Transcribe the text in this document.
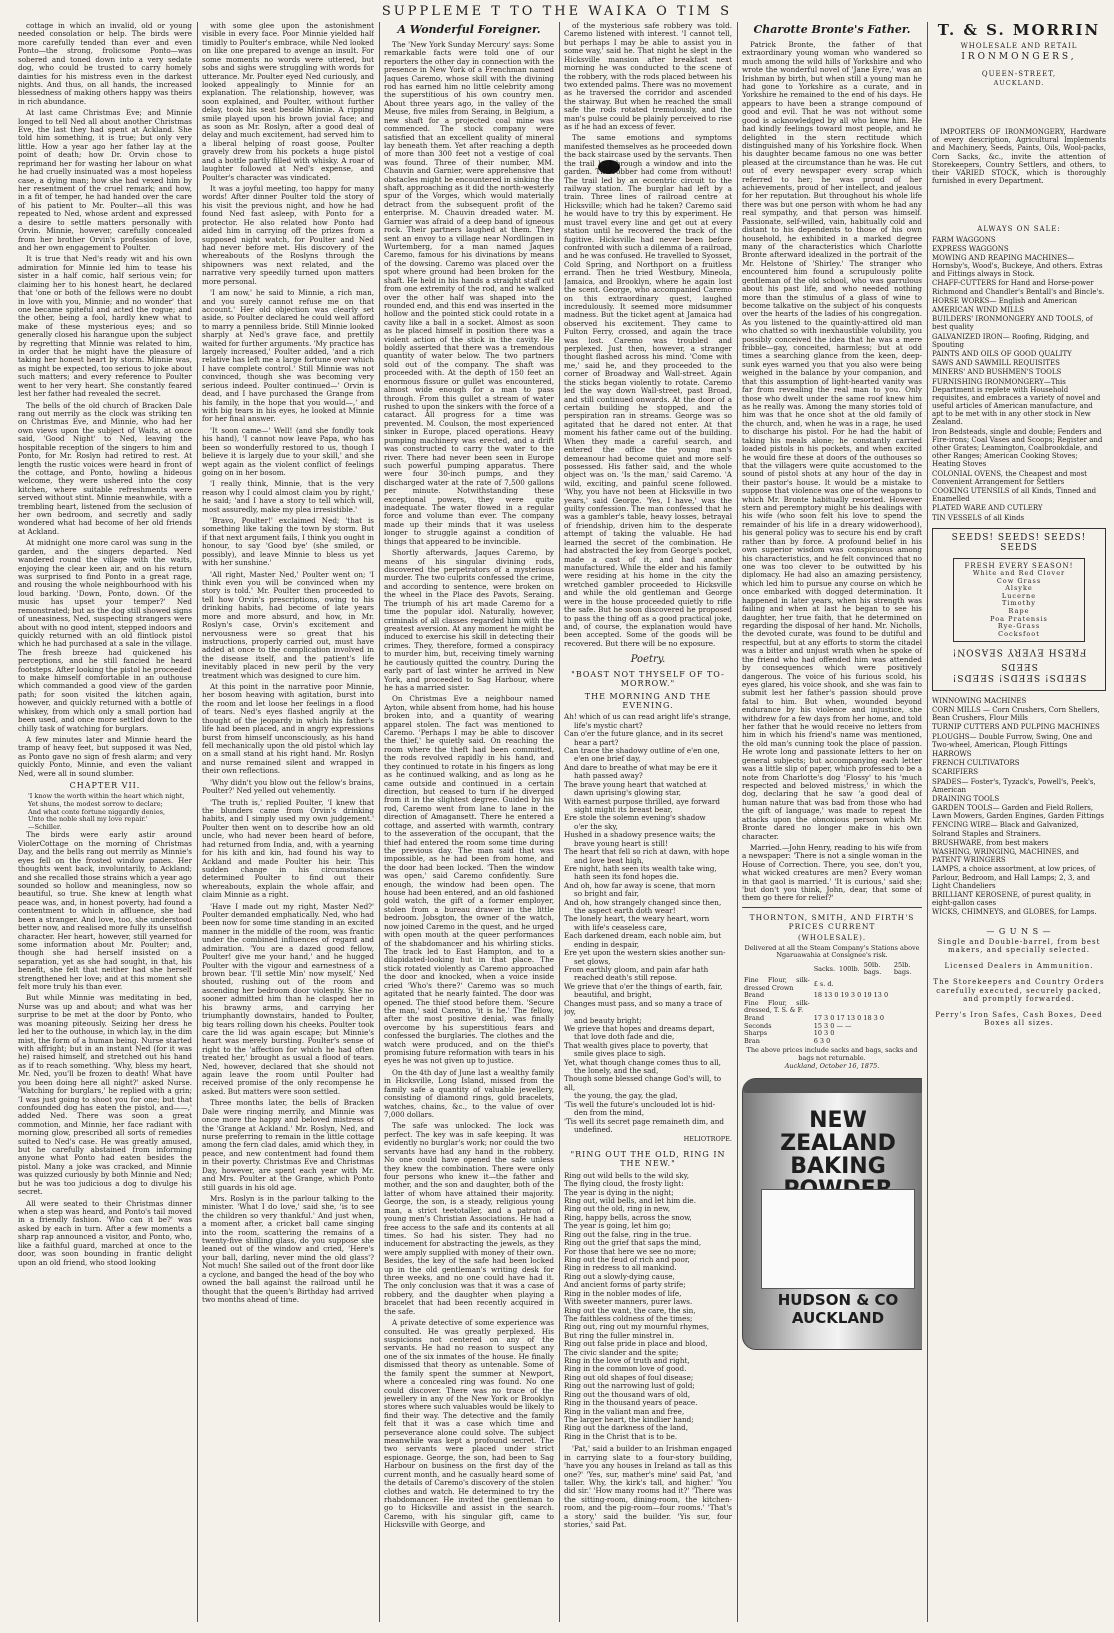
SUPPLEME T TO THE WAIKA O TIM S

cottage in which an invalid, old or young needed consolation or help. The birds were more carefully tended than ever and even Ponto—the strong, frolicsome Ponto—was sobered and toned down into a very sedate dog, who could be trusted to carry homely dainties for his mistress even in the darkest nights. And thus, on all hands, the increased blessedness of making others happy was theirs in rich abundance.

At last came Christmas Eve; and Minnie longed to tell Ned all about another Christmas Eve, the last they had spent at Ackland. She told him something, it is true; but only very little. How a year ago her father lay at the point of death; how Dr. Orvin chose to reprimand her for wasting her labour on what he had cruelly insinuated was a most hopeless case, a dying man; how she had vexed him by her resentment of the cruel remark; and how, in a fit of temper, he had handed over the care of his patient to Mr. Poulter—all this was repeated to Ned, whose ardent and expressed a desire to settle matters personally with Orvin. Minnie, however, carefully concealed from her brother Orvin's profession of love, and her own engagement to Poulter.

It is true that Ned's ready wit and his own admiration for Minnie led him to tease his sister in a half comic, half serious vein; for claiming her to his honest heart, he declared that 'one or both of the fellows were no doubt in love with you, Minnie; and no wonder' that one became spiteful and acted the rogue; and the other, being a fool, hardly knew what to make of these mysterious eyes; and so generally closed his harangue upon the subject by regretting that Minnie was related to him, in order that he might have the pleasure of taking her honest heart by storm. Minnie was, as might be expected, too serious to joke about such matters; and every reference to Poulter went to her very heart. She constantly feared lest her father had revealed the secret.

The bells of the old church of Bracken Dale rang out merrily as the clock was striking ten on Christmas Eve, and Minnie, who had her own views upon the subject of Waits, at once said, 'Good Night' to Ned, leaving the hospitable reception of the singers to him and Ponto, for Mr. Roslyn had retired to rest. At length the rustic voices were heard in front of the cottage, and Ponto, howling a hideous welcome, they were ushered into the cosy kitchen, where suitable refreshments were served without stint. Minnie meanwhile, with a trembling heart, listened from the seclusion of her own bedroom, and secretly and sadly wondered what had become of her old friends at Ackland.

At midnight one more carol was sung in the garden, and the singers departed. Ned wandered round the village with the waits, enjoying the clear keen air, and on his return was surprised to find Ponto in a great rage, and rousing the whole neighbourhood with his loud barking. 'Down, Ponto, down. Of the music has upset your temper?' Ned remonstrated; but as the dog still showed signs of uneasiness, Ned, suspecting strangers were about with no good intent, stepped indoors and quickly returned with an old flintlock pistol which he had purchased at a sale in the village. The fresh breeze had quickened his perceptions, and he still fancied he heard footsteps. After looking the pistol he proceeded to make himself comfortable in an outhouse which commanded a good view of the garden path; for soon visited the kitchen again, however, and quickly returned with a bottle of whiskey, from which only a small portion had been used, and once more settled down to the chilly task of watching for burglars.

A few minutes later and Minnie heard the tramp of heavy feet, but supposed it was Ned, as Ponto gave no sign of fresh alarm; and very quickly Ponto, Minnie, and even the valiant Ned, were all in sound slumber.

CHAPTER VII.
'I know the worth within the heart which night,
Yet shuns, the modest sorrow to declare;
And what conte fortune niggardly denies,
Unto the noble shall my love repair.'
—Schiller.

The birds were early astir around ViolerCottage on the morning of Christmas Day, and the bells rang out merrily as Minnie's eyes fell on the frosted window panes. Her thoughts went back, involuntarily, to Ackland; and she recalled those strains which a year ago sounded so hollow and meaningless, now so beautiful, so true. She knew at length what peace was, and, in honest poverty, had found a contentment to which in affluence, she had been a stranger. And love, too, she understood better now, and realised more fully its unselfish character. Her heart, however, still yearned for some information about Mr. Poulter; and, though she had herself insisted on a separation, yet as she had sought, in that, his benefit, she felt that neither had she herself strengthened her love; and at this moment she felt more truly his than ever.

But while Minnie was meditating in bed, Nurse was up and about; and what was her surprise to be met at the door by Ponto, who was moaning piteously. Seizing her dress he led her to the outhouse, in which lay, in the dim mist, the form of a human being. Nurse started with affright; but in an instant Ned (for it was he) raised himself, and stretched out his hand as if to reach something. 'Why, bless my heart, Mr. Ned, you'll be frozen to death! What have you been doing here all night?' asked Nurse. 'Watching for burglars,' he replied with a grin; 'I was just going to shoot you for one; but that confounded dog has eaten the pistol, and——,' added Ned. There was soon a great commotion, and Minnie, her face radiant with morning glow, prescribed all sorts of remedies suited to Ned's case. He was greatly amused, but he carefully abstained from informing anyone what Ponto had eaten besides the pistol. Many a joke was cracked, and Minnie was quizzed curiously by both Minnie and Ned; but he was too judicious a dog to divulge his secret.

All were seated to their Christmas dinner when a step was heard, and Ponto's tail moved in a friendly fashion. 'Who can it be?' was asked by each in turn. After a few moments a sharp rap announced a visitor, and Ponto, who, like a faithful guard, marched at once to the door, was soon bounding in frantic delight upon an old friend, who stood looking

with some glee upon the astonishment visible in every face. Poor Minnie yielded half timidly to Poulter's embrace, while Ned looked on like one prepared to avenge an insult. For some moments no words were uttered, but sobs and sighs were struggling with words for utterance. Mr. Poulter eyed Ned curiously, and looked appealingly to Minnie for an explanation. The relationship, however, was soon explained, and Poulter, without further delay, took his seat beside Minnie. A ripping smile played upon his brown jovial face; and as soon as Mr. Roslyn, after a good deal of delay and much excitement, had served him to a liberal helping of roast goose, Poulter gravely drew from his pockets a huge pistol and a bottle partly filled with whisky. A roar of laughter followed at Ned's expense, and Poulter's character was vindicated.

It was a joyful meeting, too happy for many words! After dinner Poulter told the story of his visit the previous night, and how he had found Ned fast asleep, with Ponto for a protector. He also related how Ponto had aided him in carrying off the prizes from a supposed night watch, for Poulter and Ned had never before met. His discovery of the whereabouts of the Roslyns through the shipowners was next related, and the narrative very speedily turned upon matters more personal.

'I am now,' he said to Minnie, a rich man, and you surely cannot refuse me on that account.' Her old objection was clearly set aside, so Poulter declared he could well afford to marry a penniless bride. Still Minnie looked sharply at Ned's grave face, and prettily waited for further arguments. 'My practice has largely increased,' Poulter added, 'and a rich relative has left me a large fortune over which I have complete control.' Still Minnie was not convinced, though she was becoming very serious indeed. Poulter continued—' Orvin is dead, and I have purchased the Grange from his family, in the hope that you would—,' and with big tears in his eyes, he looked at Minnie for her final answer.

'It soon came—' Well! (and she fondly took his hand), 'I cannot now leave Papa, who has been so wonderfully restored to us, though I believe it is largely due to your skill,' and she wept again as the violent conflict of feelings going on in her bosom.

'I really think, Minnie, that is the very reason why I could almost claim you by right,' he said; 'and I have a story to tell which will, most assuredly, make my plea irresistible.'

'Bravo, Poulter!' exclaimed Ned; 'that is something like taking the town by storm. But if that next argument fails, I think you ought in honour, to say 'Good bye' (she smiled, or possibly), and leave Minnie to bless us yet with her sunshine.'

'All right, Master Ned,' Poulter went on; 'I think even you will be convinced when my story is told.' Mr. Poulter then proceeded to tell how Orvin's prescriptions, owing to his drinking habits, had become of late years more and more absurd, and how, in Mr. Roslyn's case, Orvin's excitement and nervousness were so great that his instructions, properly carried out, must have added at once to the complication involved in the disease itself, and the patient's life inevitably placed in new peril by the very treatment which was designed to cure him.

At this point in the narrative poor Minnie, her bosom heaving with agitation, burst into the room and let loose her feelings in a flood of tears. Ned's eyes flashed angrily at the thought of the jeopardy in which his father's life had been placed, and in angry expressions burst from himself unconsciously, as his hand fell mechanically upon the old pistol which lay on a small stand at his right hand. Mr. Roslyn and nurse remained silent and wrapped in their own reflections.

'Why didn't you blow out the fellow's brains, Poulter?' Ned yelled out vehemently.

'The truth is,' replied Poulter, 'I knew that the blunders came from Orvin's drinking habits, and I simply used my own judgement.' Poulter then went on to describe how an old uncle, who had never been heard of before, had returned from India, and, with a yearning for his kith and kin, had found his way to Ackland and made Poulter his heir. This sudden change in his circumstances determined Poulter to find out their whereabouts, explain the whole affair, and claim Minnie as a right.

'Have I made out my right, Master Ned?' Poulter demanded emphatically. Ned, who had been now for some time standing in an excited manner in the middle of the room, was frantic under the combined influences of regard and admiration. 'You are a dazed good fellow, Poulter! give me your hand,' and he hugged Poulter with the vigour and earnestness of a brown bear. 'I'll settle Min' now myself,' Ned shouted, rushing out of the room and ascending her bedroom door violently. She no sooner admitted him than he clasped her in his brawny arms, and carrying her triumphantly downstairs, handed to Poulter, big tears rolling down his cheeks. Poulter took care the lid was again escape; but Minnie's heart was merely bursting. Poulter's sense of right to the 'affection for which he had often treated her,' brought as usual a flood of tears. Ned, however, declared that she should not again leave the room until Poulter had received promise of the only recompense he asked. But matters were soon settled.

Three months later, the bells of Bracken Dale were ringing merrily, and Minnie was once more the happy and beloved mistress of the 'Grange at Ackland.' Mr. Roslyn, Ned, and nurse preferring to remain in the little cottage among the fern clad dales, amid which they, in peace, and new contentment had found them in their poverty. Christmas Eve and Christmas Day, however, are spent each year with Mr. and Mrs. Poulter at the Grange, which Ponto still guards in his old age.

Mrs. Roslyn is in the parlour talking to the minister. 'What I do love,' said she, 'is to see the children so very thankful.' And just when, a moment after, a cricket ball came singing into the room, scattering the remains of a twenty-five shilling glass, do you suppose she leaned out of the window and cried, 'Here's your ball, darling, never mind the old glass'? Not much! She sailed out of the front door like a cyclone, and banged the head of the boy who owned the ball against the railroad until he thought that the queen's Birthday had arrived two months ahead of time.

A Wonderful Foreigner.

The 'New York Sunday Mercury' says: Some remarkable facts were told one of our reporters the other day in connection with the presence in New York of a Frenchman named Jaques Caremo, whose skill with the divining rod has earned him no little celebrity among the superstitious of his own country men. About three years ago, in the valley of the Meuse, five miles from Seraing, in Belgium, a new shaft for a projected coal mine was commenced. The stock company were satisfied that an excellent quality of mineral lay beneath them. Yet after reaching a depth of more than 300 feet not a vestige of coal was found. Three of their number, MM. Chauvin and Garnier, were apprehensive that obstacles might be encountered in sinking the shaft, approaching as it did the north-westerly spur of the Vorges, which would materially detract from the subsequent profit of the enterprise. M. Chauvin dreaded water. M. Garnier was afraid of a deep band of igneous rock. Their partners laughed at them. They sent an envoy to a village near Nordlingen in Wurtemberg, for a man named Jaques Caremo, famous for his divinations by means of the dowsing. Caremo was placed over the spot where ground had been broken for the shaft. He held in his hands a straight staff cut from one extremity of the rod, and he walked over the other half was shaped into the rounded end, and this end was inserted in the hollow and the pointed stick could rotate in a cavity like a ball in a socket. Almost as soon as he placed himself in position there was a violent action of the stick in the cavity. He boldly asserted that there was a tremendous quantity of water below. The two partners sold out of the company. The shaft was proceeded with. At the depth of 150 feet an enormous fissure or gullet was encountered, almost wide enough for a man to pass through. From this gullet a stream of water rushed to upon the sinkers with the force of a cataract. All progress for a time was prevented. M. Coulson, the most experienced sinker in Europe, placed operations. Heavy pumping machinery was erected, and a drift was constructed to carry the water to the river. There had never been seen in Europe such powerful pumping apparatus. There were four 30-inch pumps, and they discharged water at the rate of 7,500 gallons per minute. Notwithstanding these exceptional powers, they were quite inadequate. The water flowed in a regular force and volume than ever. The company made up their minds that it was useless longer to struggle against a condition of things that appeared to be invincible.

Shortly afterwards, Jaques Caremo, by means of his singular divining rods, discovered the perpetrators of a mysterious murder. The two culprits confessed the crime, and according to sentence, were broken on the wheel in the Place des Pavots, Seraing. The triumph of his art made Caremo for a time the popular idol. Naturally, however, criminals of all classes regarded him with the greatest aversion. At any moment he might be induced to exercise his skill in detecting their crimes. They, therefore, formed a conspiracy to murder him, but, receiving timely warning he cautiously quitted the country. During the early part of last winter he arrived in New York, and proceeded to Sag Harbour, where he has a married sister.

On Christmas Eve a neighbour named Ayton, while absent from home, had his house broken into, and a quantity of wearing apparel stolen. The fact was mentioned to Caremo. 'Perhaps I may be able to discover the thief,' he quietly said. On reaching the room where the theft had been committed, the rods revolved rapidly in his hand, and they continued to rotate in his fingers as long as he continued walking, and as long as he came outside and continued in a certain direction, but ceased to turn if he diverged from it in the slightest degree. Guided by his rod, Caremo went from lane to lane in the direction of Amagansett. There he entered a cottage, and asserted with warmth, contrary to the asseveration of the occupant, that the thief had entered the room some time during the previous day. The man said that was impossible, as he had been from home, and the door had been locked. 'Then the window was open,' said Caremo confidently. Sure enough, the window had been open. The house had been entered, and an old fashioned gold watch, the gift of a former employer, stolen from a bureau drawer in the little bedroom. Jobsgton, the owner of the watch, now joined Caremo in the quest, and he urged with open mouth at the queer performances of the shabdomancer and his whirling sticks. The track led to East Hampton, and to a dilapidated-looking hut in that place. The stick rotated violently as Caremo approached the door and knocked, when a voice inside cried 'Who's there?' Caremo was so much agitated that he nearly fainted. The door was opened. The thief stood before them. 'Secure the man,' said Caremo, 'it is he.' The fellow, after the most positive denial, was finally overcome by his superstitious fears and confessed the burglaries. The clothes and the watch were produced, and on the thief's promising future reformation with tears in his eyes he was not given up to justice.

On the 4th day of June last a wealthy family in Hicksville, Long Island, missed from the family safe a quantity of valuable jewellery, consisting of diamond rings, gold bracelets, watches, chains, &c., to the value of over 7,000 dollars.

The safe was unlocked. The lock was perfect. The key was in safe keeping. It was evidently no burglar's work; nor could the two servants have had any hand in the robbery. No one could have opened the safe unless they knew the combination. There were only four persons who knew it—the father and mother, and the son and daughter, both of the latter of whom have attained their majority. George, the son, is a steady, religious young man, a strict teetotaller, and a patron of young men's Christian Associations. He had a free access to the safe and its contents at all times. So had his sister. They had no inducement for abstracting the jewels, as they were amply supplied with money of their own. Besides, the key of the safe had been locked up in the old gentleman's writing desk for three weeks, and no one could have had it. The only conclusion was that it was a case of robbery, and the daughter when playing a bracelet that had been recently acquired in the safe.

A private detective of some experience was consulted. He was greatly perplexed. His suspicions not centered on any of the servants. He had no reason to suspect any one of the six inmates of the house. He finally dismissed that theory as untenable. Some of the family spent the summer at Newport, where a concealed ring was found. No one could discover. There was no trace of the jewellery in any of the New York or Brooklyn stores where such valuables would be likely to find their way. The detective and the family felt that it was a case which time and perseverance alone could solve. The subject meanwhile was kept a profound secret. The two servants were placed under strict espionage. George, the son, had been to Sag Harbour on business on the first day of the current month, and he casually heard some of the details of Caremo's discovery of the stolen clothes and watch. He determined to try the rhabdomancer. He invited the gentleman to go to Hicksville and assist in the search. Caremo, with his singular gift, came to Hicksville with George, and

of the mysterious safe robbery was told. Caremo listened with interest. 'I cannot tell, but perhaps I may be able to assist you in some way,' said he. That night he slept in the Hicksville mansion after breakfast next morning he was conducted to the scene of the robbery, with the rods placed between his two extended palms. There was no movement as he traversed the corridor and ascended the stairway. But when he reached the small safe the rods rotated tremulously, and the man's pulse could be plainly perceived to rise as if he had an excess of fever.

The same emotions and symptoms manifested themselves as he proceeded down the back staircase used by the servants. Then the trail led through a window and into the garden. The robber had come from without! The trail led by an eccentric circuit to the railway station. The burglar had left by a train. Three lines of railroad centre at Hicksville; which had he taken? Caremo said he would have to try this by experiment. He must travel every line and get out at every station until he recovered the track of the fugitive. Hicksville had never been before confronted with such a dilemma of a railroad, and he was confused. He travelled to Syosset, Cold Spring, and Northport on a fruitless errand. Then he tried Westbury, Mineola, Jamaica, and Brooklyn, where he again lost the scent. George, who accompanied Caremo on this extraordinary quest, laughed incredulously. It seemed more midsummer madness. But the ticket agent at Jamaica had observed his excitement. They came to Fulton Ferry, crossed, and again the trace was lost. Caremo was troubled and perplexed. Just then, however, a stranger thought flashed across his mind. 'Come with me,' said he, and they proceeded to the corner of Broadway and Wall-street. Again the sticks began violently to rotate. Caremo led the way down Wall-street, past Broad, and still continued onwards. At the door of a certain building he stopped, and the perspiration ran in streams. George was so agitated that he dared not enter. At that moment his father came out of the building. When they made a careful search, and entered the office the young man's demeanour had become quiet and more self-possessed. His father said, and the whole object was on. 'Is the man,' said Caremo. 'A wild, exciting, and painful scene followed. 'Why, you have not been at Hicksville in two years,' said George. 'Yes, I have,' was the guilty confession. The man confessed that he was a gambler's table, heavy losses, betrayal of friendship, driven him to the desperate attempt of taking the valuable. He had learned the secret of the combination. He had abstracted the key from George's pocket, made a cast of it, and had another manufactured. While the elder and his family were residing at his home in the city the wretched gambler proceeded to Hicksville and while the old gentleman and George were in the house proceeded quietly to rifle the safe. But he soon discovered he proposed to pass the thing off as a good practical joke, and, of course, the explanation would have been accepted. Some of the goods will be recovered. But there will be no exposure.

Poetry.
"BOAST NOT THYSELF OF TO-MORROW."
THE MORNING AND THE EVENING.
Ah! which of us can read aright life's strange,
life's mystic chart?
Can o'er the future glance, and in its secret
hear a part?
Can trace the shadowy outline of e'en one,
e'en one brief day,
And dare to breathe of what may be ere it
hath passed away?
The brave young heart that watched at
dawn uprising's glowing star,
With earnest purpose thrilled, aye forward
sight might its breast bear,
Ere stole the solemn evening's shadow
o'er the sky,
Hushed in a shadowy presence waits; the
brave young heart is still!
The heart that fell so rich at dawn, with hope
and love beat high,
Ere night, hath seen its wealth take wing,
hath seen its fond hopes die.
And oh, how far away is scene, that morn
so bright and fair,
And oh, how strangely changed since then,
the aspect earth doth wear!
The lonely heart, the weary heart, worn
with life's ceaseless care,
Each darkened dream, each noble aim, but
ending in despair,
Ere yet upon the western skies another sun-
set glows,
From earthly gloom, and pain afar hath
reached death's still repose.
We grieve that o'er the things of earth, fair,
beautiful, and bright,
Changes must pass, and so many a trace of joy,
and beauty bright;
We grieve that hopes and dreams depart,
that love doth fade and die,
That wealth gives place to poverty, that
smile gives place to sigh.
Yet, what though change comes thus to all,
the lonely, and the sad,
Though some blessed change God's will, to all,
the young, the gay, the glad,
'Tis well the future's unclouded lot is hid-
den from the mind,
'Tis well its secret page remaineth dim, and
undefined.
HELIOTROPE.
"RING OUT THE OLD, RING IN THE NEW."
Ring out wild bells to the wild sky,
The flying cloud, the frosty light:
The year is dying in the night;
Ring out, wild bells, and let him die.
Ring out the old, ring in new,
Ring, happy bells, across the snow,
The year is going, let him go;
Ring out the false, ring in the true.
Ring out the grief that saps the mind,
For those that here we see no more;
Ring out the feud of rich and poor,
Ring in redress to all mankind.
Ring out a slowly-dying cause,
And ancient forms of party strife;
Ring in the nobler modes of life,
With sweeter manners, purer laws.
Ring out the want, the care, the sin,
The faithless coldness of the times;
Ring out, ring out my mournful rhymes,
But ring the fuller minstrel in.
Ring out false pride in place and blood,
The civic slander and the spite;
Ring in the love of truth and right,
Ring in the common love of good.
Ring out old shapes of foul disease;
Ring out the narrowing lust of gold;
Ring out the thousand wars of old,
Ring in the thousand years of peace.
Ring in the valiant man and free,
The larger heart, the kindlier hand;
Ring out the darkness of the land,
Ring in the Christ that is to be.

'Pat,' said a builder to an Irishman engaged in carrying slate to a four-story building, 'have you any houses in Ireland as tall as this one?' 'Yes, sur, mather's mine' said Pat, 'and taller. Why, the kirk's tall, and higher.' 'You did sir.' 'How many rooms had it?' 'There was the sitting-room, dining-room, the kitchen-room, and the pig-room—four rooms.' 'That's a story,' said the builder. 'Yis sur, four stories,' said Pat.

Charotte Bronte's Father.

Patrick Bronte, the father of that extraordinary young woman who wandered so much among the wild hills of Yorkshire and who wrote the wonderful novel of 'Jane Eyre,' was an Irishman by birth, but when still a young man he had gone to Yorkshire as a curate, and in Yorkshire he remained to the end of his days. He appears to have been a strange compound of good and evil. That he was not without some good is acknowledged by all who knew him. He had kindly feelings toward most people, and he delighted in the stern rectitude which distinguished many of his Yorkshire flock. When his daughter became famous no one was better pleased at the circumstance than he was. He cut out of every newspaper every scrap which referred to her; he was proud of her achievements, proud of her intellect, and jealous for her reputation. But throughout his whole life there was but one person with whom he had any real sympathy, and that person was himself. Passionate, self-willed, vain, habitually cold and distant to his dependents to those of his own household, he exhibited in a marked degree many of the characteristics which Charlotte Bronte afterward idealized in the portrait of the Mr. Helstone of 'Shirley.' The stranger who encountered him found a scrupulously polite gentleman of the old school, who was garrulous about his past life, and who needed nothing more than the stimulus of a glass of wine to become talkative on the subject of his conquests over the hearts of the ladies of his congregation. As you listened to the quaintly-attired old man who chatted so with inexhaustible volubility, you possibly conceived the idea that he was a mere fribble—gay, conceited, harmless; but at odd times a searching glance from the keen, deep-sunk eyes warned you that you also were being weighed in the balance by your companion, and that this assumption of light-hearted vanity was far from revealing the real man to you. Only those who dwelt under the same roof knew him as he really was. Among the many stories told of him was that he once shot at the old family of the church, and, when he was in a rage, he used to discharge his pistol. For he had the habit of taking his meals alone; he constantly carried loaded pistols in his pockets, and when excited he would fire these at doors of the outhouses so that the villagers were quite accustomed to the sound of pistol shots at any hour of the day in their pastor's house. It would be a mistake to suppose that violence was one of the weapons to which Mr. Bronte habitually resorted. However stern and peremptory might be his dealings with his wife (who soon felt his love to spend the remainder of his life in a dreary widowerhood), his general policy was to secure his end by craft rather than by force. A profound belief in his own superior wisdom was conspicuous among his characteristics, and he felt convinced that no one was too clever to be outwitted by his diplomacy. He had also an amazing persistency, which led him to pursue any course on which he once embarked with dogged determination. It happened in later years, when his strength was failing and when at last he began to see his daughter, her true faith, that he determined on regarding the disposal of her hand. Mr. Nicholls, the devoted curate, was found to be dutiful and respectful, but at any efforts to storm the citadel was a bitter and unjust wrath when he spoke of the friend who had offended him was attended by consequences which were positively dangerous. The voice of his furious scold, his eyes glared, his voice shook, and she was fain to submit lest her father's passion should prove fatal to him. But when, wounded beyond endurance by his violence and injustice, she withdrew for a few days from her home, and told her father that he would receive no letters from him in which his friend's name was mentioned, the old man's cunning took the place of passion. He wrote long and passionate letters to her on general subjects; but accompanying each letter was a little slip of paper, which professed to be a note from Charlotte's dog 'Flossy' to his 'much respected and beloved mistress,' in which the dog, declaring that he saw 'a good deal of human nature that was bad from those who had the gift of language,' was made to repeat the attacks upon the obnoxious person which Mr. Bronte dared no longer make in his own character.

Married.—John Henry, reading to his wife from a newspaper: 'There is not a single woman in the House of Correction. There, you see, don't you, what wicked creatures are men? Every woman in that gaol is married.' 'It is curious,' said she; 'but don't you think, John, dear, that some of them go there for relief?'

THORNTON, SMITH, AND FIRTH'S PRICES CURRENT
(WHOLESALE).
Delivered at all the Steam Company's Stations above Ngaruawahia at Consignee's risk.
	Sacks.	100lb.	50lb. bags.	25lb. bags.
Fine Flour, silk-dressed Crown	£ s. d.			
Brand	18 13 0 19 3 0 19 13 0			
Fine Flour, silk-dressed, T. S. & F.				
Brand	17 3 0 17 13 0 18 3 0			
Seconds	15 3 0 — —			
Sharps	10 3 0			
Bran	6 3 0			
The above prices include sacks and bags, sacks and bags not returnable.
Auckland, October 16, 1875.
NEW ZEALAND BAKING
HUDSON & CO AUCKLAND
T. & S. MORRIN
WHOLESALE AND RETAIL
IRONMONGERS,
QUEEN-STREET,
AUCKLAND.

IMPORTERS OF IRONMONGERY, Hardware of every description, Agricultural Implements and Machinery, Seeds, Paints, Oils, Wool-packs, Corn Sacks, &c., invite the attention of Storekeepers, Country Settlers, and others, to their VARIED STOCK, which is thoroughly furnished in every Department.

ALWAYS ON SALE:
FARM WAGGONS
EXPRESS WAGGONS
MOWING AND REAPING MACHINES— Hornsby's, Wood's, Buckeye, And others. Extras and Fittings always in Stock.
CHAFF-CUTTERS for Hand and Horse-power Richmond and Chandler's Bentall's and Bincle's.
HORSE WORKS— English and American
AMERICAN WIND MILLS
BUILDERS' IRONMONGERY AND TOOLS, of best quality
GALVANIZED IRON— Roofing, Ridging, and Spouting
PAINTS AND OILS OF GOOD QUALITY
SAWS AND SAWMILL REQUISITES
MINERS' AND BUSHMEN'S TOOLS
FURNISHING IRONMONGERY—This Department is replete with Household requisites, and embraces a variety of novel and useful articles of American manufacture, and apt to be met with in any other stock in New Zealand.
Iron Bedsteads, single and double; Fenders and Fire-irons; Coal Vases and Scoops; Register and other Grates; Leamington, Coalbrookdale, and other Ranges; American Cooking Stoves; Heating Stoves
COLONIAL OVENS, the Cheapest and most Convenient Arrangement for Settlers
COOKING UTENSILS of all Kinds, Tinned and Enamelled
PLATED WARE AND CUTLERY
TIN VESSELS of all Kinds
SEEDS! SEEDS! SEEDS! SEEDS
FRESH EVERY SEASON!
White and Red Clover
Cow Grass
Alsyke
Lucerne
Timothy
Rape
Poa Pratensis
Rye-Grass
Cocksfoot
FRESH EVERY SEASON!
SEEDS! SEEDS! SEEDS! SEEDS
WINNOWING MACHINES
CORN MILLS — Corn Crushers, Corn Shellers, Bean Crushers, Flour Mills
TURNIP CUTTERS AND PULPING MACHINES
PLOUGHS— Double Furrow, Swing, One and Two-wheel, American, Plough Fittings
HARROWS
FRENCH CULTIVATORS
SCARIFIERS
SPADES— Foster's, Tyzack's, Powell's, Peek's, American
DRAINING TOOLS
GARDEN TOOLS— Garden and Field Rollers, Lawn Mowers, Garden Engines, Garden Fittings
FENCING WIRE— Black and Galvanized, Solrand Staples and Strainers.
BRUSHWARE, from best makers
WASHING, WRINGING, MACHINES, and PATENT WRINGERS
LAMPS, a choice assortment, at low prices, of Parlour, Bedroom, and Hall Lamps; 2, 3, and Light Chandeliers
BRILLIANT KEROSENE, of purest quality, in eight-gallon cases
WICKS, CHIMNEYS, and GLOBES, for Lamps.
— G U N S —
Single and Double-barrel, from best makers, and specially selected.
Licensed Dealers in Ammunition.
The Storekeepers and Country Orders carefully executed, securely packed, and promptly forwarded.
Perry's Iron Safes, Cash Boxes, Deed Boxes all sizes.
